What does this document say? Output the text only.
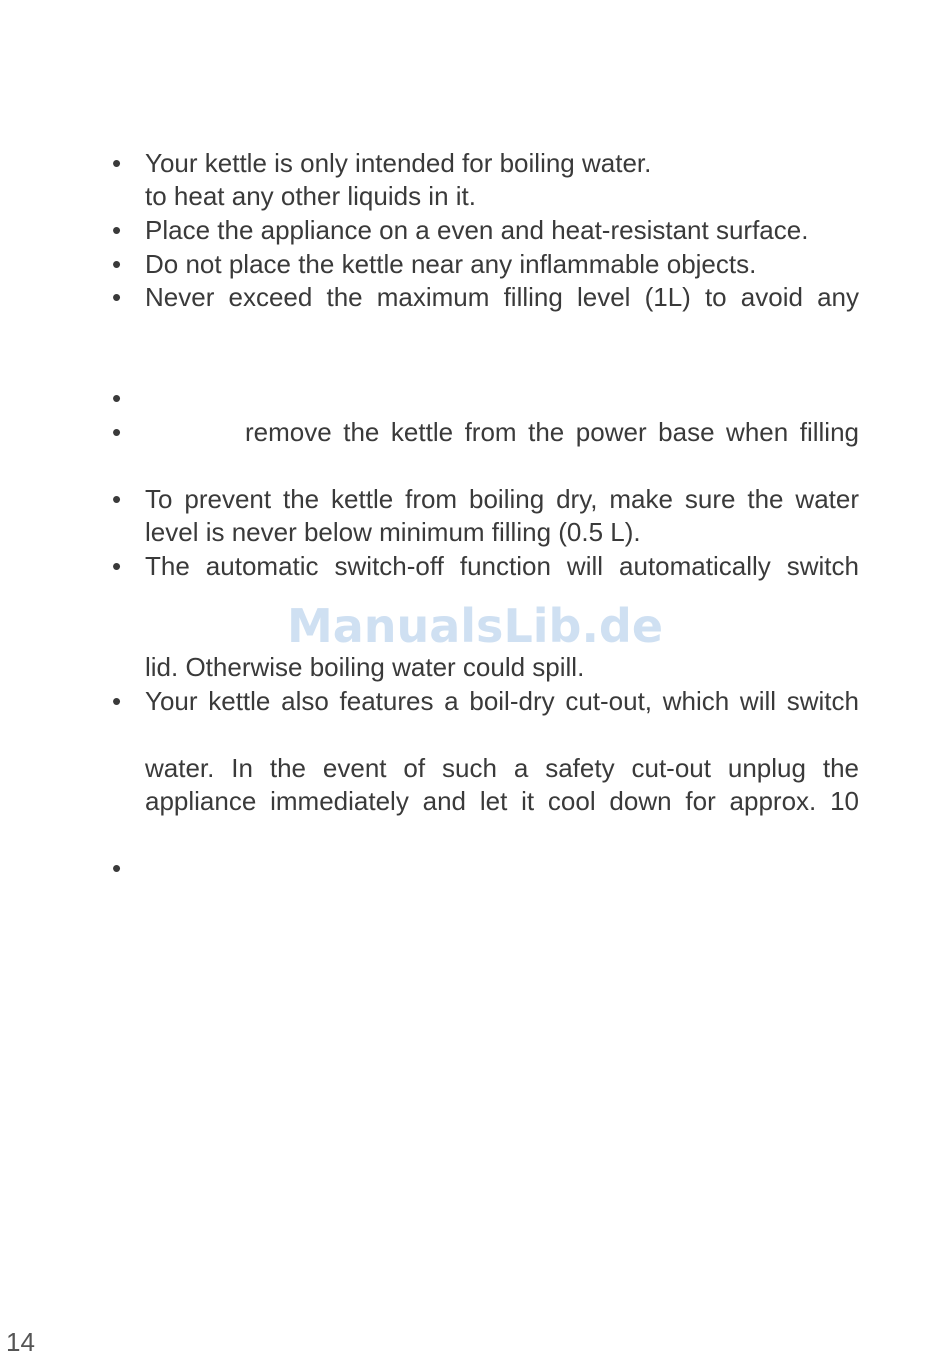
•
•
•
•
•
•
•
•
•
•
Your kettle is only intended for boiling water.
to heat any other liquids in it.
Place the appliance on a even and heat-resistant surface.
Do not place the kettle near any inflammable objects.
Never exceed the maximum filling level (1L) to avoid any
remove the kettle from the power base when filling
To prevent the kettle from boiling dry, make sure the water
level is never below minimum filling (0.5 L).
The automatic switch-off function will automatically switch
lid. Otherwise boiling water could spill.
Your kettle also features a boil-dry cut-out, which will switch
water. In the event of such a safety cut-out unplug the
appliance immediately and let it cool down for approx. 10
ManualsLib.de
14
